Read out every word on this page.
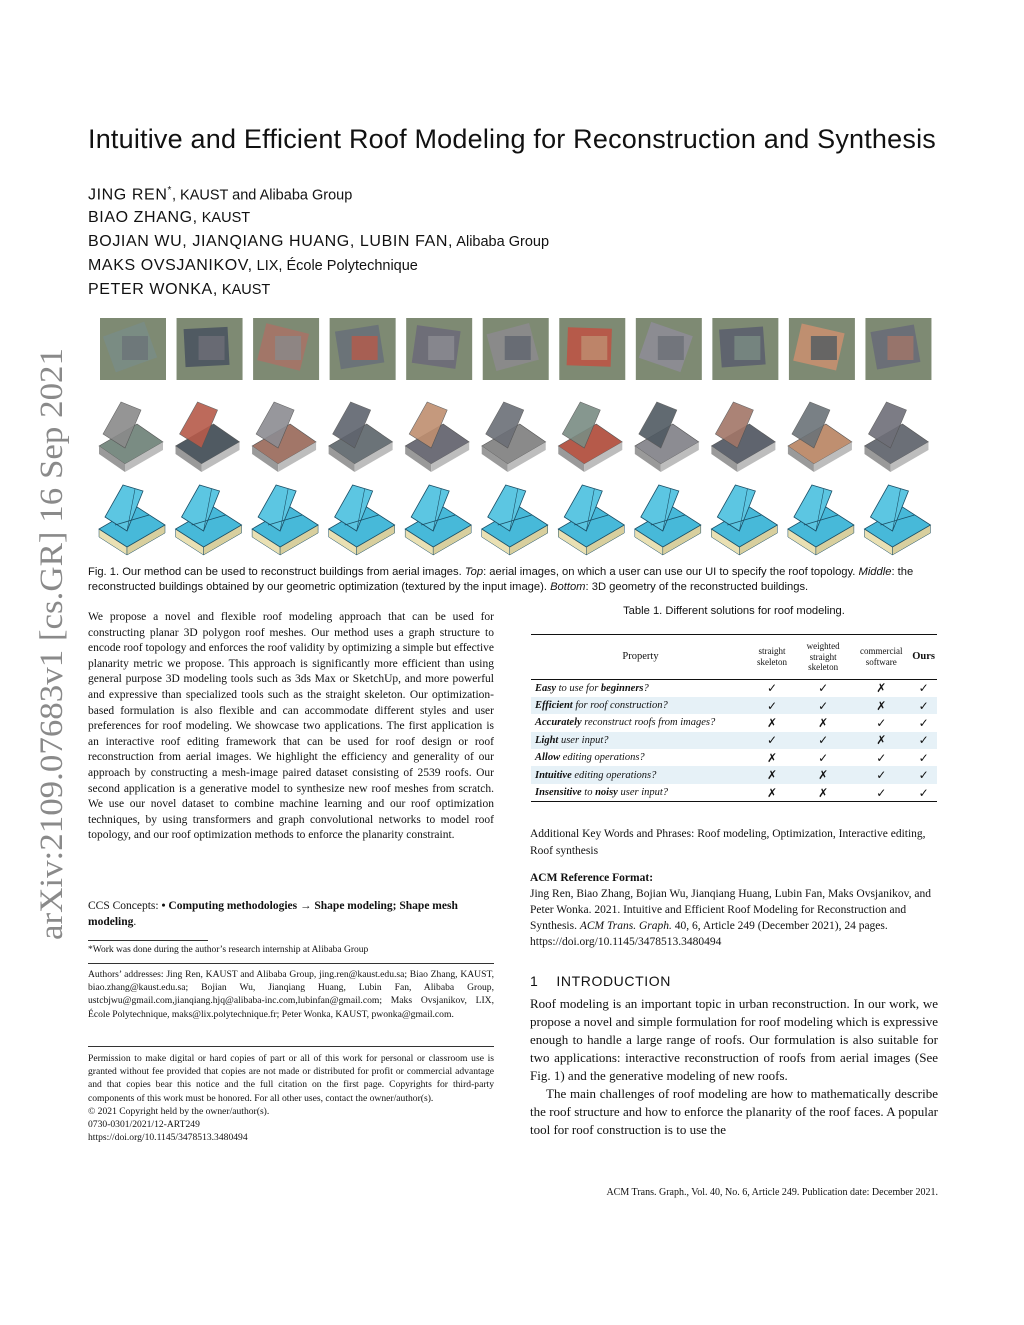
arXiv:2109.07683v1 [cs.GR] 16 Sep 2021
Intuitive and Efficient Roof Modeling for Reconstruction and Synthesis
JING REN*, KAUST and Alibaba Group
BIAO ZHANG, KAUST
BOJIAN WU, JIANQIANG HUANG, LUBIN FAN, Alibaba Group
MAKS OVSJANIKOV, LIX, École Polytechnique
PETER WONKA, KAUST
Fig. 1. Our method can be used to reconstruct buildings from aerial images. Top: aerial images, on which a user can use our UI to specify the roof topology. Middle: the reconstructed buildings obtained by our geometric optimization (textured by the input image). Bottom: 3D geometry of the reconstructed buildings.
We propose a novel and flexible roof modeling approach that can be used for constructing planar 3D polygon roof meshes. Our method uses a graph structure to encode roof topology and enforces the roof validity by optimizing a simple but effective planarity metric we propose. This approach is significantly more efficient than using general purpose 3D modeling tools such as 3ds Max or SketchUp, and more powerful and expressive than specialized tools such as the straight skeleton. Our optimization-based formulation is also flexible and can accommodate different styles and user preferences for roof modeling. We showcase two applications. The first application is an interactive roof editing framework that can be used for roof design or roof reconstruction from aerial images. We highlight the efficiency and generality of our approach by constructing a mesh-image paired dataset consisting of 2539 roofs. Our second application is a generative model to synthesize new roof meshes from scratch. We use our novel dataset to combine machine learning and our roof optimization techniques, by using transformers and graph convolutional networks to model roof topology, and our roof optimization methods to enforce the planarity constraint.
CCS Concepts: • Computing methodologies → Shape modeling; Shape mesh modeling.
*Work was done during the author’s research internship at Alibaba Group
Authors’ addresses: Jing Ren, KAUST and Alibaba Group, jing.ren@kaust.edu.sa; Biao Zhang, KAUST, biao.zhang@kaust.edu.sa; Bojian Wu, Jianqiang Huang, Lubin Fan, Alibaba Group, ustcbjwu@gmail.com,jianqiang.hjq@alibaba-inc.com,lubinfan@gmail.com; Maks Ovsjanikov, LIX, École Polytechnique, maks@lix.polytechnique.fr; Peter Wonka, KAUST, pwonka@gmail.com.
Permission to make digital or hard copies of part or all of this work for personal or classroom use is granted without fee provided that copies are not made or distributed for profit or commercial advantage and that copies bear this notice and the full citation on the first page. Copyrights for third-party components of this work must be honored. For all other uses, contact the owner/author(s).
© 2021 Copyright held by the owner/author(s).
0730-0301/2021/12-ART249
https://doi.org/10.1145/3478513.3480494
Table 1. Different solutions for roof modeling.
Property	straight skeleton	weighted straight skeleton	commercial software	Ours
Easy to use for beginners?	✓	✓	✗	✓
Efficient for roof construction?	✓	✓	✗	✓
Accurately reconstruct roofs from images?	✗	✗	✓	✓
Light user input?	✓	✓	✗	✓
Allow editing operations?	✗	✓	✓	✓
Intuitive editing operations?	✗	✗	✓	✓
Insensitive to noisy user input?	✗	✗	✓	✓
Additional Key Words and Phrases: Roof modeling, Optimization, Interactive editing, Roof synthesis
ACM Reference Format:
Jing Ren, Biao Zhang, Bojian Wu, Jianqiang Huang, Lubin Fan, Maks Ovsjanikov, and Peter Wonka. 2021. Intuitive and Efficient Roof Modeling for Reconstruction and Synthesis. ACM Trans. Graph. 40, 6, Article 249 (December 2021), 24 pages. https://doi.org/10.1145/3478513.3480494
1 INTRODUCTION

Roof modeling is an important topic in urban reconstruction. In our work, we propose a novel and simple formulation for roof modeling which is expressive enough to handle a large range of roofs. Our formulation is also suitable for two applications: interactive reconstruction of roofs from aerial images (See Fig. 1) and the generative modeling of new roofs.

The main challenges of roof modeling are how to mathematically describe the roof structure and how to enforce the planarity of the roof faces. A popular tool for roof construction is to use the

ACM Trans. Graph., Vol. 40, No. 6, Article 249. Publication date: December 2021.
